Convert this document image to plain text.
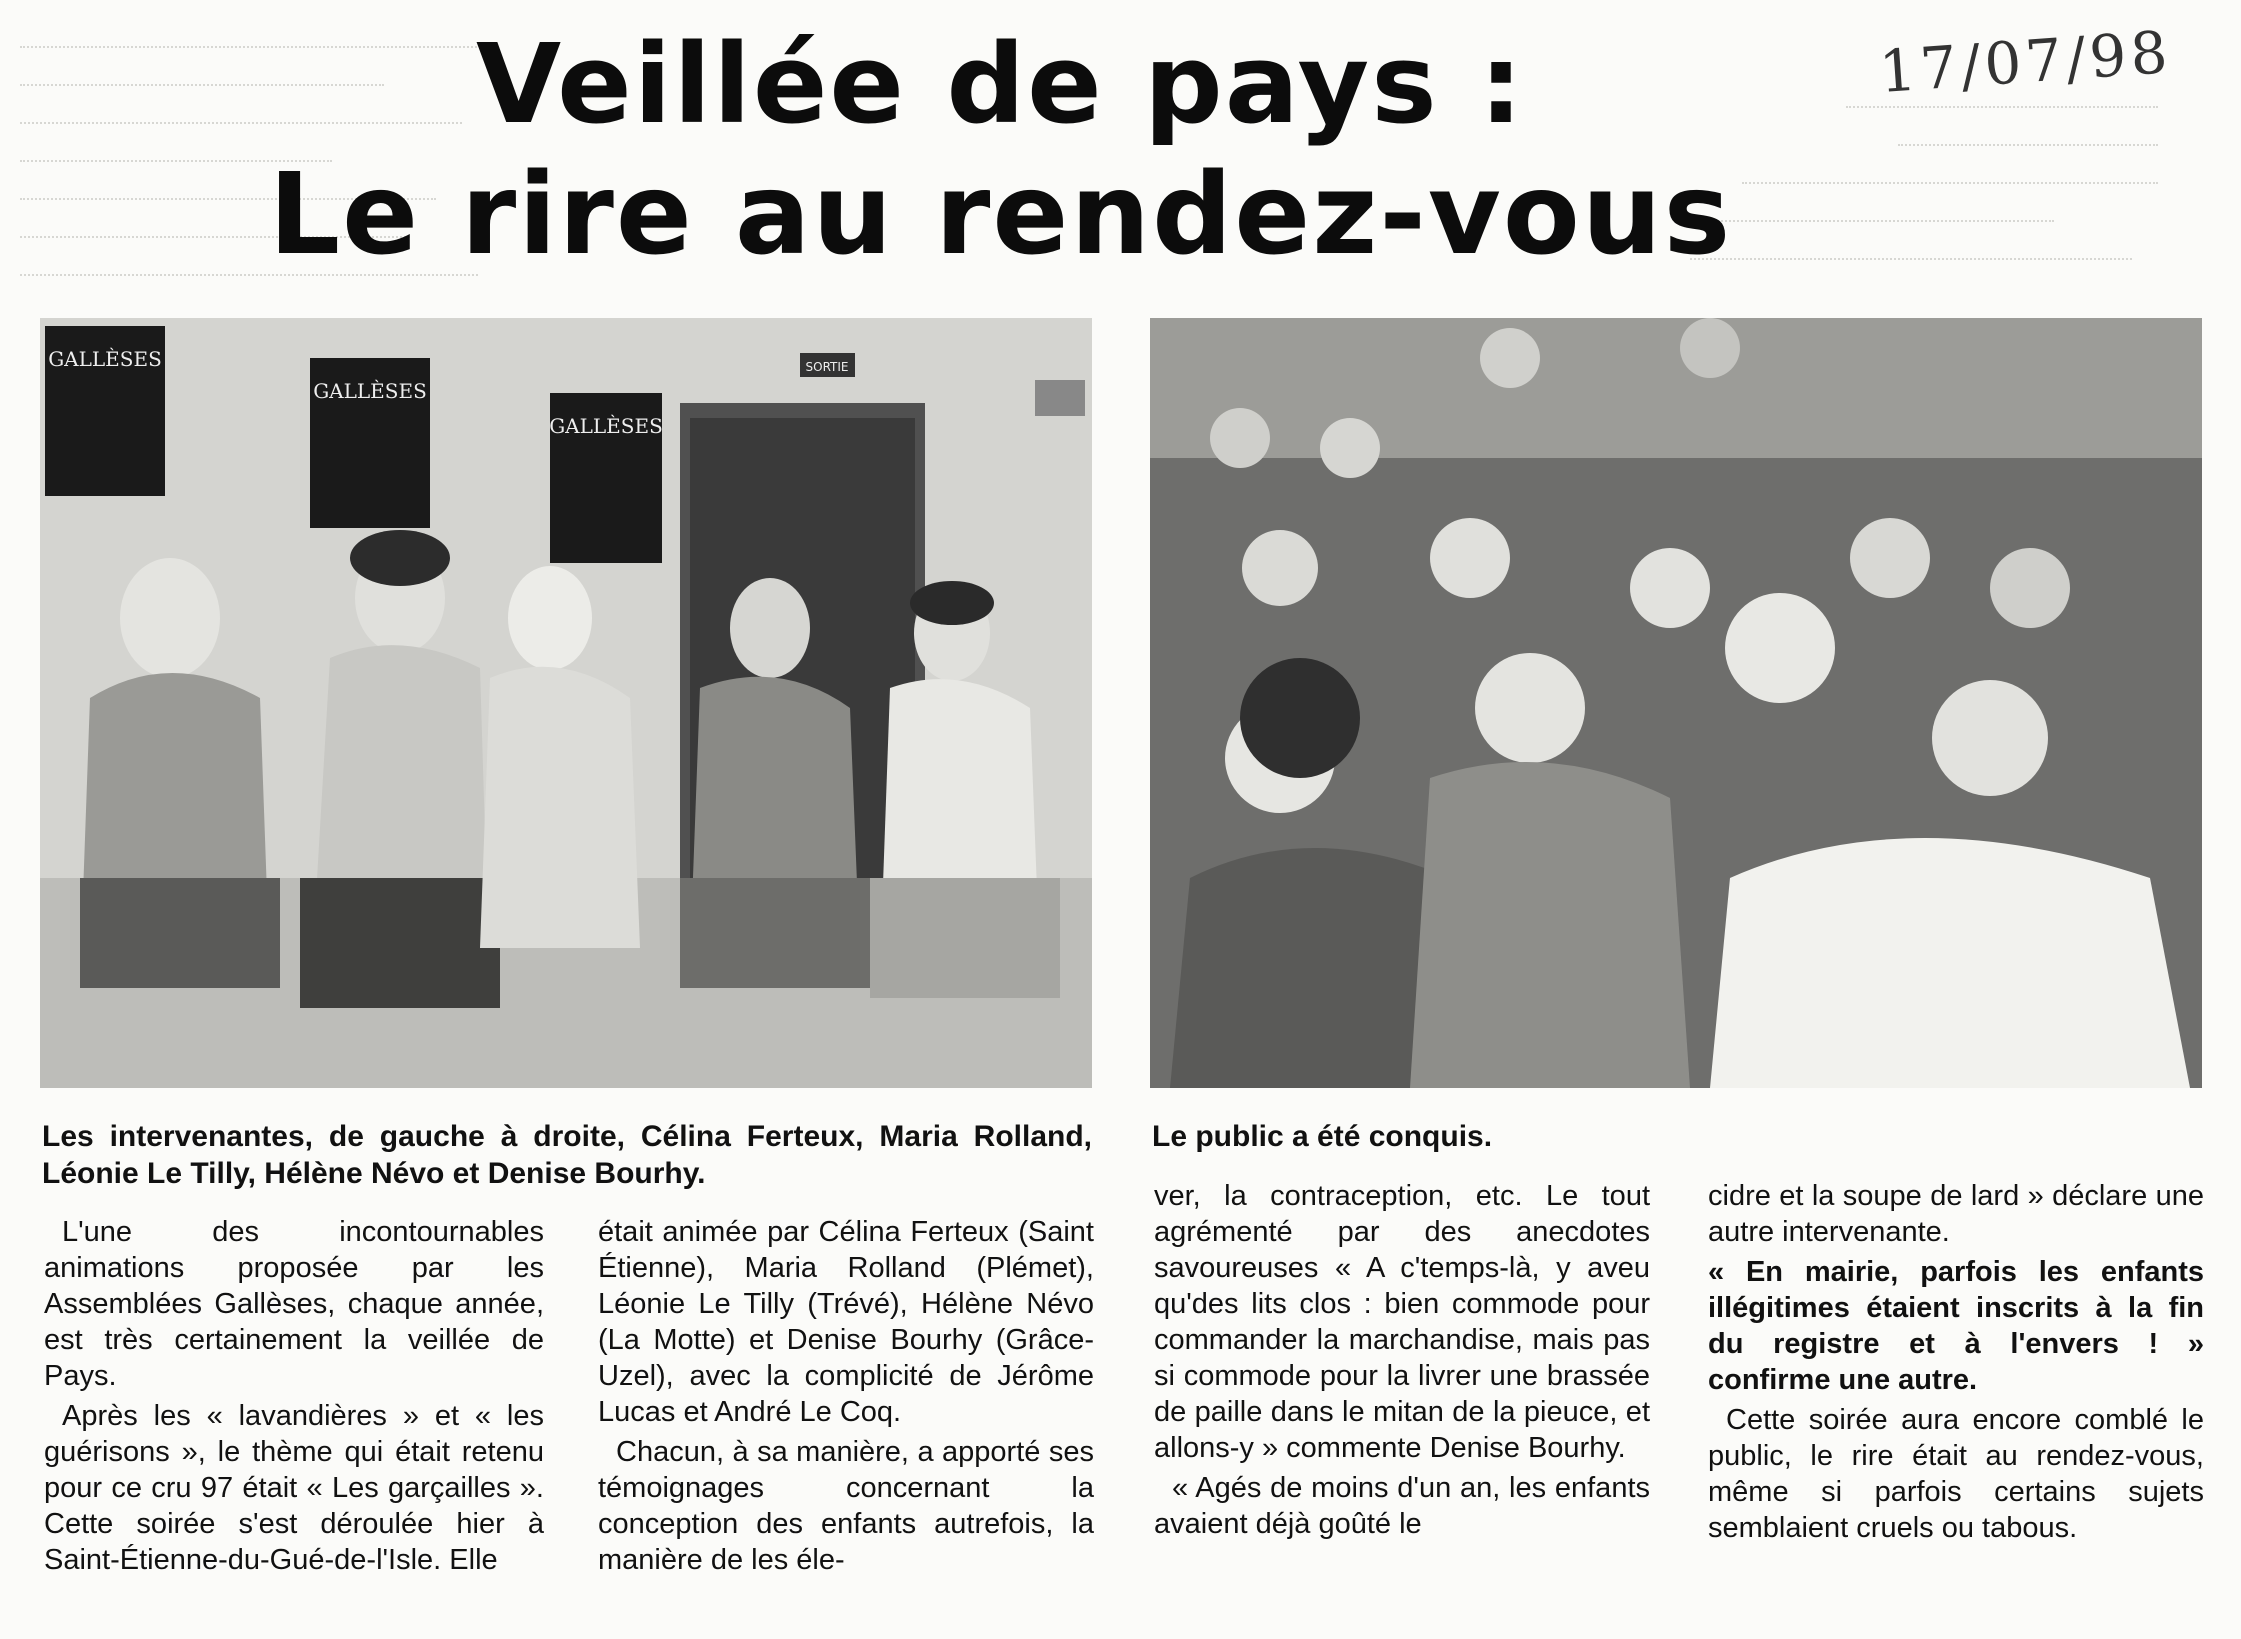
17/07/98
Veillée de pays :
Le rire au rendez-vous
GALLÈSES
GALLÈSES
GALLÈSES
SORTIE
Les intervenantes, de gauche à droite, Célina Ferteux, Maria Rolland, Léonie Le Tilly, Hélène Névo et Denise Bourhy.
Le public a été conquis.

L'une des incontournables animations proposée par les Assemblées Gallèses, chaque année, est très certainement la veillée de Pays.

Après les « lavandières » et « les guérisons », le thème qui était retenu pour ce cru 97 était « Les garçailles ». Cette soirée s'est déroulée hier à Saint-Étienne-du-Gué-de-l'Isle. Elle

était animée par Célina Ferteux (Saint Étienne), Maria Rolland (Plémet), Léonie Le Tilly (Trévé), Hélène Névo (La Motte) et Denise Bourhy (Grâce-Uzel), avec la complicité de Jérôme Lucas et André Le Coq.

Chacun, à sa manière, a apporté ses témoignages concernant la conception des enfants autrefois, la manière de les éle-

ver, la contraception, etc. Le tout agrémenté par des anecdotes savoureuses « A c'temps-là, y aveu qu'des lits clos : bien commode pour commander la marchandise, mais pas si commode pour la livrer une brassée de paille dans le mitan de la pieuce, et allons-y » commente Denise Bourhy.

« Agés de moins d'un an, les enfants avaient déjà goûté le

cidre et la soupe de lard » déclare une autre intervenante.

« En mairie, parfois les enfants illégitimes étaient inscrits à la fin du registre et à l'envers ! » confirme une autre.

Cette soirée aura encore comblé le public, le rire était au rendez-vous, même si parfois certains sujets semblaient cruels ou tabous.
